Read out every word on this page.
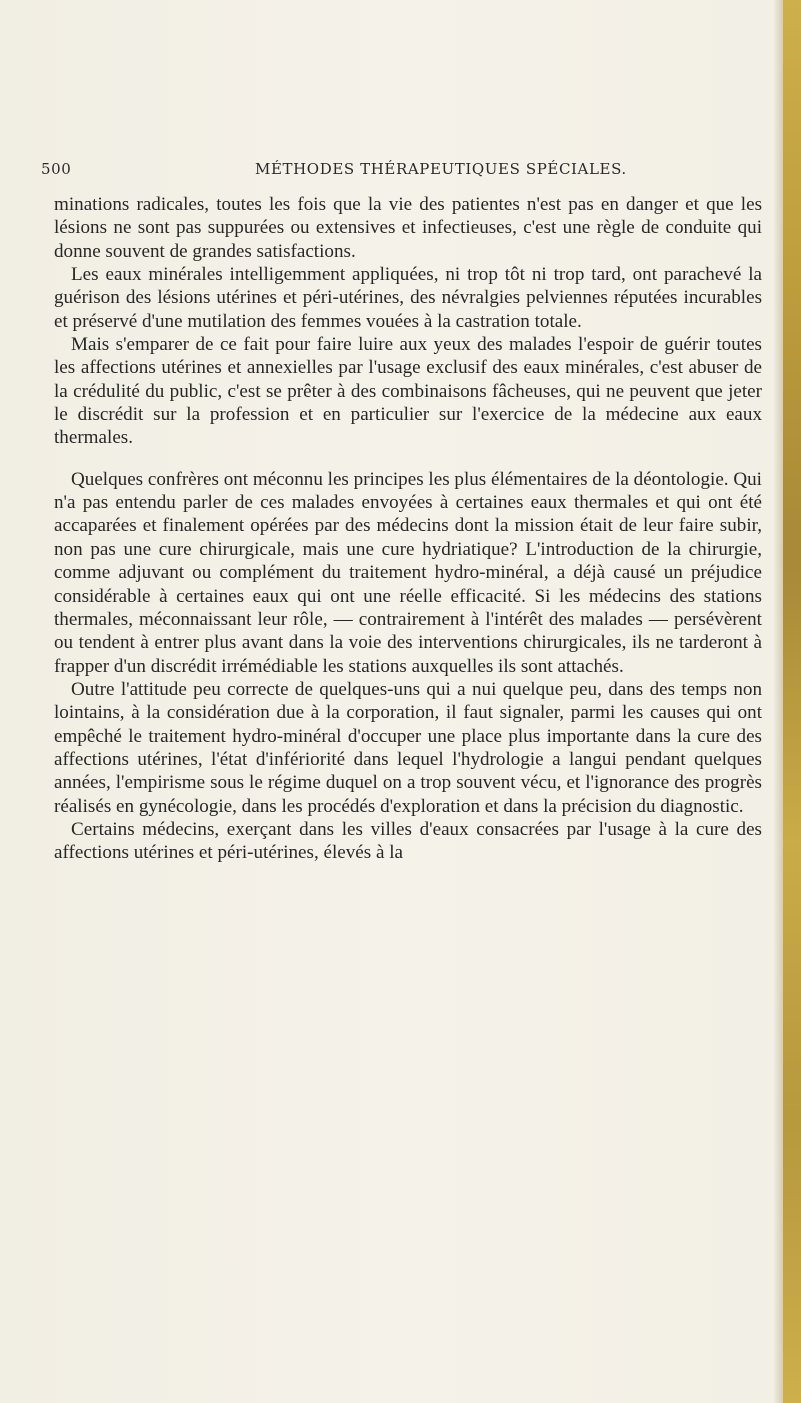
500	MÉTHODES THÉRAPEUTIQUES SPÉCIALES.

minations radicales, toutes les fois que la vie des patientes n'est pas en danger et que les lésions ne sont pas suppurées ou extensives et infectieuses, c'est une règle de conduite qui donne souvent de grandes satisfactions.

Les eaux minérales intelligemment appliquées, ni trop tôt ni trop tard, ont parachevé la guérison des lésions utérines et péri-utérines, des névralgies pelviennes réputées incurables et préservé d'une mutilation des femmes vouées à la castration totale.

Mais s'emparer de ce fait pour faire luire aux yeux des malades l'espoir de guérir toutes les affections utérines et annexielles par l'usage exclusif des eaux minérales, c'est abuser de la crédulité du public, c'est se prêter à des combinaisons fâcheuses, qui ne peuvent que jeter le discrédit sur la profession et en particulier sur l'exercice de la médecine aux eaux thermales.

Quelques confrères ont méconnu les principes les plus élémentaires de la déontologie. Qui n'a pas entendu parler de ces malades envoyées à certaines eaux thermales et qui ont été accaparées et finalement opérées par des médecins dont la mission était de leur faire subir, non pas une cure chirurgicale, mais une cure hydriatique? L'introduction de la chirurgie, comme adjuvant ou complément du traitement hydro-minéral, a déjà causé un préjudice considérable à certaines eaux qui ont une réelle efficacité. Si les médecins des stations thermales, méconnaissant leur rôle, — contrairement à l'intérêt des malades — persévèrent ou tendent à entrer plus avant dans la voie des interventions chirurgicales, ils ne tarderont à frapper d'un discrédit irrémédiable les stations auxquelles ils sont attachés.

Outre l'attitude peu correcte de quelques-uns qui a nui quelque peu, dans des temps non lointains, à la considération due à la corporation, il faut signaler, parmi les causes qui ont empêché le traitement hydro-minéral d'occuper une place plus importante dans la cure des affections utérines, l'état d'infériorité dans lequel l'hydrologie a langui pendant quelques années, l'empirisme sous le régime duquel on a trop souvent vécu, et l'ignorance des progrès réalisés en gynécologie, dans les procédés d'exploration et dans la précision du diagnostic.

Certains médecins, exerçant dans les villes d'eaux consacrées par l'usage à la cure des affections utérines et péri-utérines, élevés à la
